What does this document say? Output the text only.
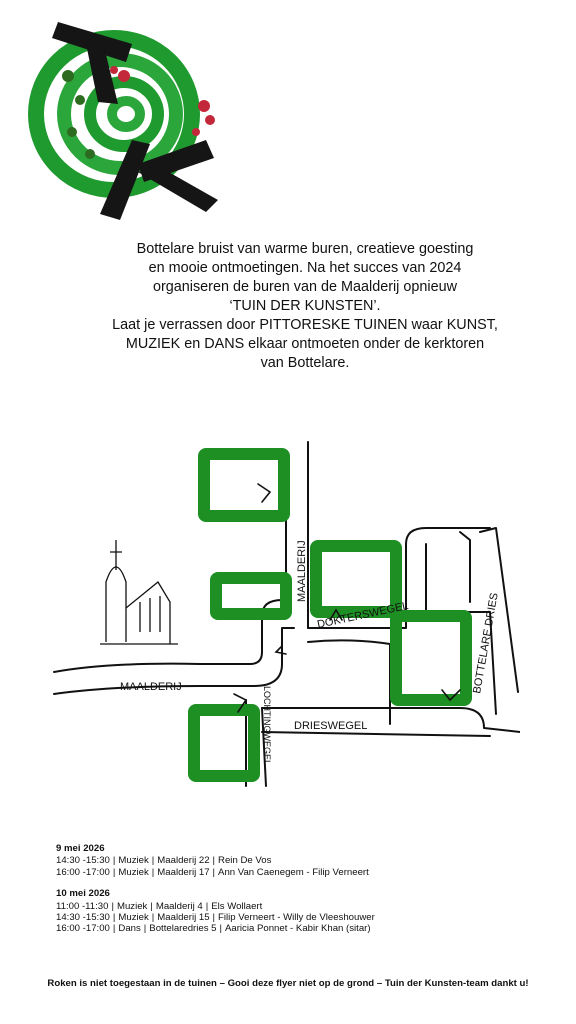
Bottelare bruist van warme buren, creatieve goesting
en mooie ontmoetingen. Na het succes van 2024
organiseren de buren van de Maalderij opnieuw
‘TUIN DER KUNSTEN’.
Laat je verrassen door PITTORESKE TUINEN waar KUNST,
MUZIEK en DANS elkaar ontmoeten onder de kerktoren
van Bottelare.
MAALDERIJ
MAALDERIJ
DOKTERSWEGEL
DRIESWEGEL
LOCHTINGWEGEL
BOTTELARE DRIES
9 mei 2026
14:30 -15:30 | Muziek | Maalderij 22 | Rein De Vos
16:00 -17:00 | Muziek | Maalderij 17 | Ann Van Caenegem - Filip Verneert
10 mei 2026
11:00 -11:30 | Muziek | Maalderij 4 | Els Wollaert
14:30 -15:30 | Muziek | Maalderij 15 | Filip Verneert - Willy de Vleeshouwer
16:00 -17:00 | Dans | Bottelaredries 5 | Aaricia Ponnet - Kabir Khan (sitar)
Roken is niet toegestaan in de tuinen – Gooi deze flyer niet op de grond – Tuin der Kunsten-team dankt u!
